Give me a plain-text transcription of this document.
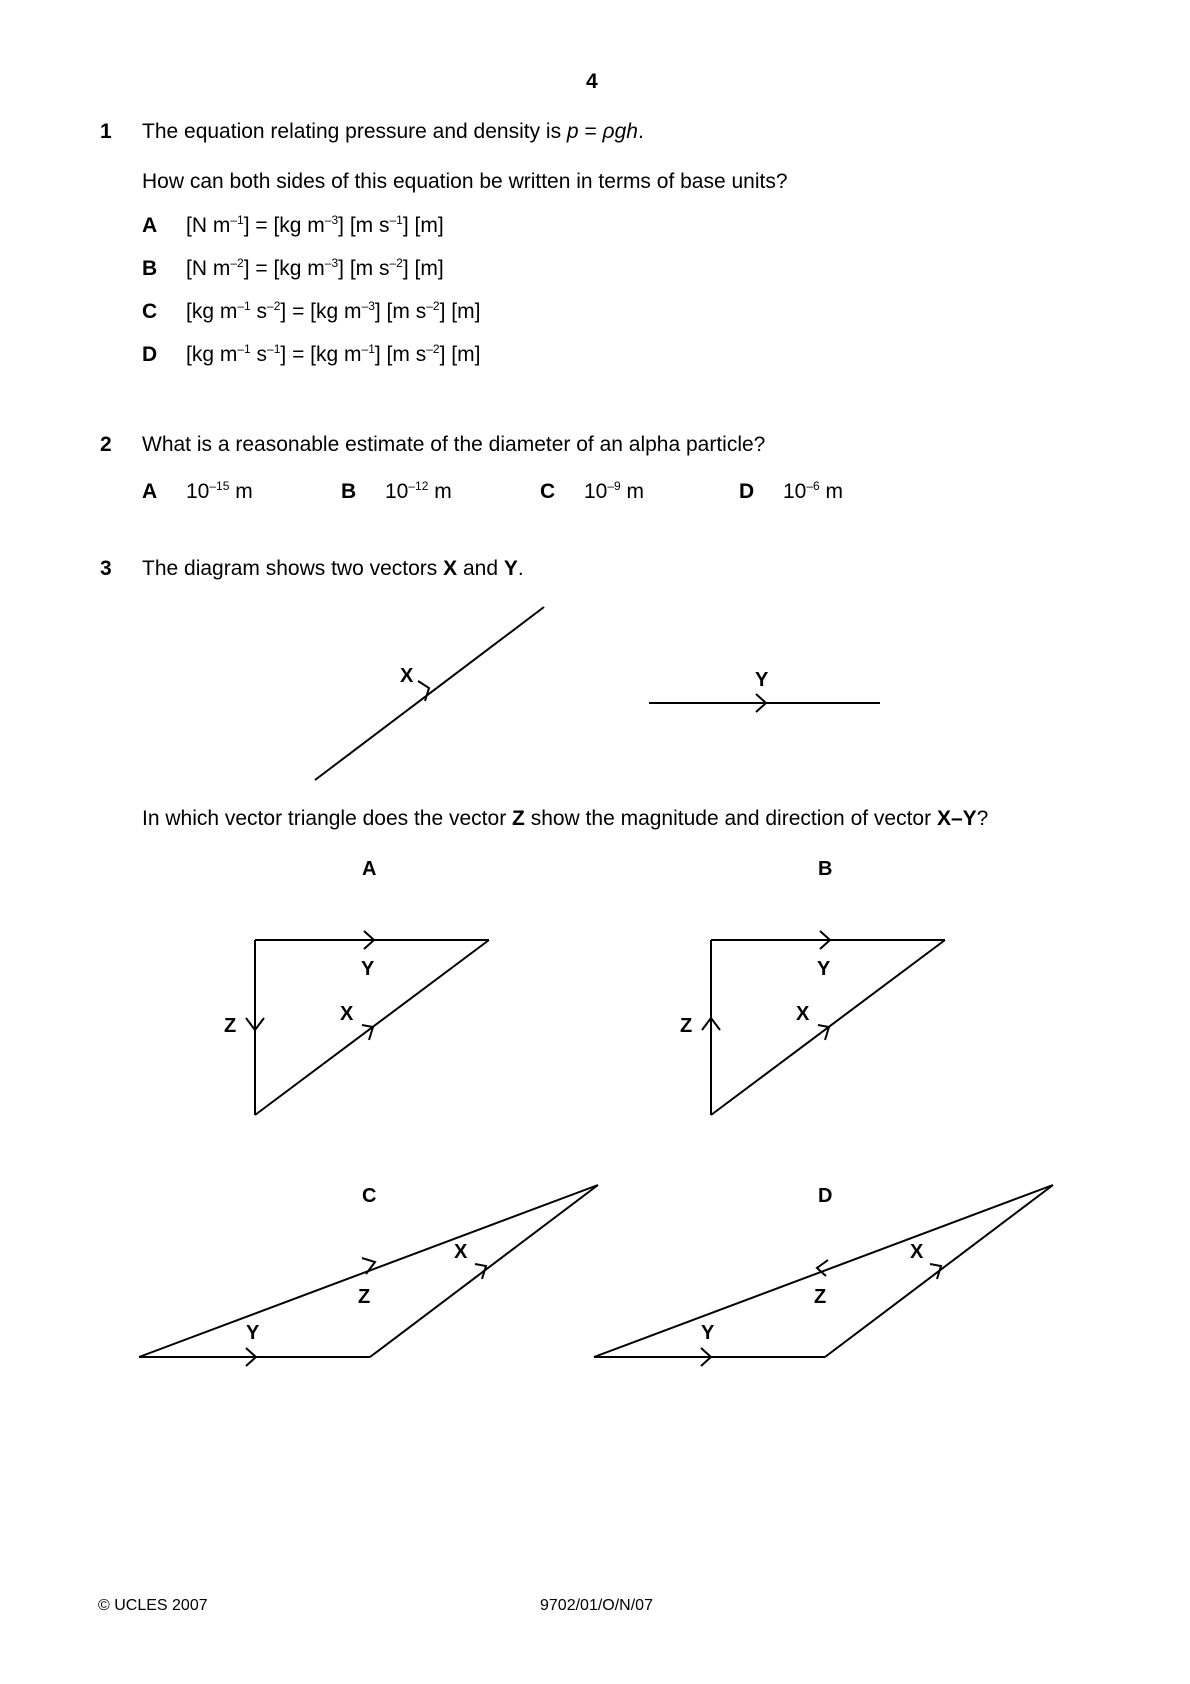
4
1 The equation relating pressure and density is p = ρgh.
How can both sides of this equation be written in terms of base units?
A [N $m^{-1}] = [kg$ $m^{-3}$] [m $s^{-1}$] [m]
B [N $m^{-2}] = [kg$ $m^{-3}$] [m $s^{-2}$] [m]
C [kg $m^{-1}$ $s^{-2}] = [kg$ $m^{-3}$] [m $s^{-2}$] [m]
D [kg $m^{-1}$ $s^{-1}] = [kg$ $m^{-1}$] [m $s^{-2}$] [m]
2 What is a reasonable estimate of the diameter of an alpha particle?
A $10^{-15}$ m	B $10^{-12}$ m	C $10^{-9}$ m	D $10^{-6}$ m
3 The diagram shows two vectors X and Y.
X	Y
A
Y
X
Z
B
Y
X
Z
C
X
Z
Y
D
X
Z
Y
In which vector triangle does the vector Z show the magnitude and direction of vector X–Y?
© UCLES 2007	9702/01/O/N/07
